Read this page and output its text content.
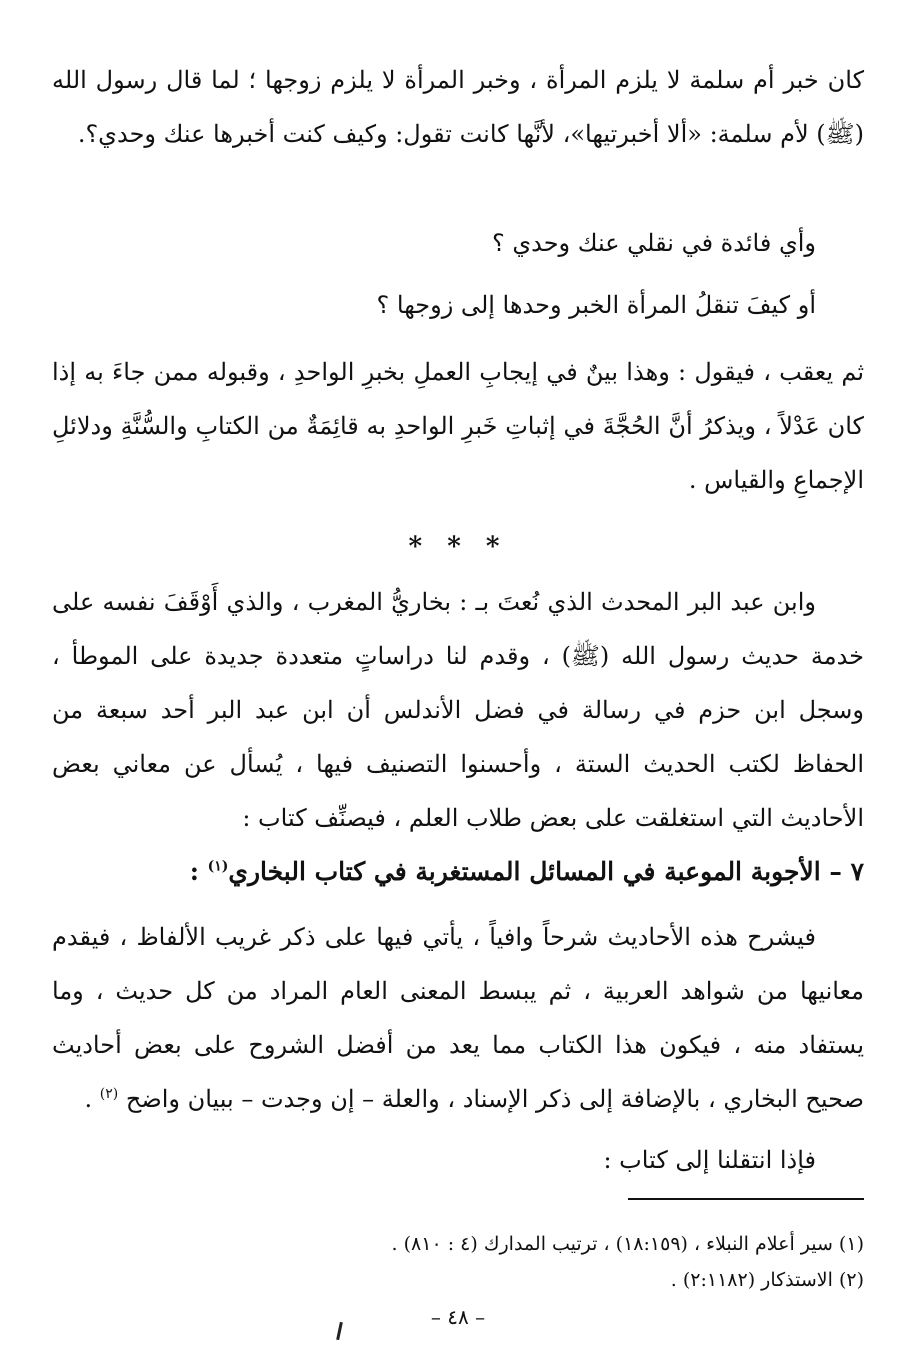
كان خبر أم سلمة لا يلزم المرأة ، وخبر المرأة لا يلزم زوجها ؛ لما قال رسول الله (ﷺ) لأم سلمة: «ألا أخبرتيها»، لأنَّها كانت تقول: وكيف كنت أخبرها عنك وحدي؟.

وأي فائدة في نقلي عنك وحدي ؟

أو كيفَ تنقلُ المرأة الخبر وحدها إلى زوجها ؟

ثم يعقب ، فيقول : وهذا بينٌ في إيجابِ العملِ بخبرِ الواحدِ ، وقبوله ممن جاءَ به إذا كان عَدْلاً ، ويذكرُ أنَّ الحُجَّةَ في إثباتِ خَبرِ الواحدِ به قائِمَةٌ من الكتابِ والسُّنَّةِ ودلائلِ الإجماعِ والقياس .

* * *

وابن عبد البر المحدث الذي نُعتَ بـ : بخاريُّ المغرب ، والذي أَوْقَفَ نفسه على خدمة حديث رسول الله (ﷺ) ، وقدم لنا دراساتٍ متعددة جديدة على الموطأ ، وسجل ابن حزم في رسالة في فضل الأندلس أن ابن عبد البر أحد سبعة من الحفاظ لكتب الحديث الستة ، وأحسنوا التصنيف فيها ، يُسأل عن معاني بعض الأحاديث التي استغلقت على بعض طلاب العلم ، فيصنِّف كتاب :

٧ – الأجوبة الموعبة في المسائل المستغربة في كتاب البخاري$^{(١)}$ :

فيشرح هذه الأحاديث شرحاً وافياً ، يأتي فيها على ذكر غريب الألفاظ ، فيقدم معانيها من شواهد العربية ، ثم يبسط المعنى العام المراد من كل حديث ، وما يستفاد منه ، فيكون هذا الكتاب مما يعد من أفضل الشروح على بعض أحاديث صحيح البخاري ، بالإضافة إلى ذكر الإسناد ، والعلة – إن وجدت – ببيان واضح $^{(٢)}$ .

فإذا انتقلنا إلى كتاب :

(١) سير أعلام النبلاء ، (١٨:١٥٩) ، ترتيب المدارك (٤ : ٨١٠) .

(٢) الاستذكار (٢:١١٨٢) .

– ٤٨ –
